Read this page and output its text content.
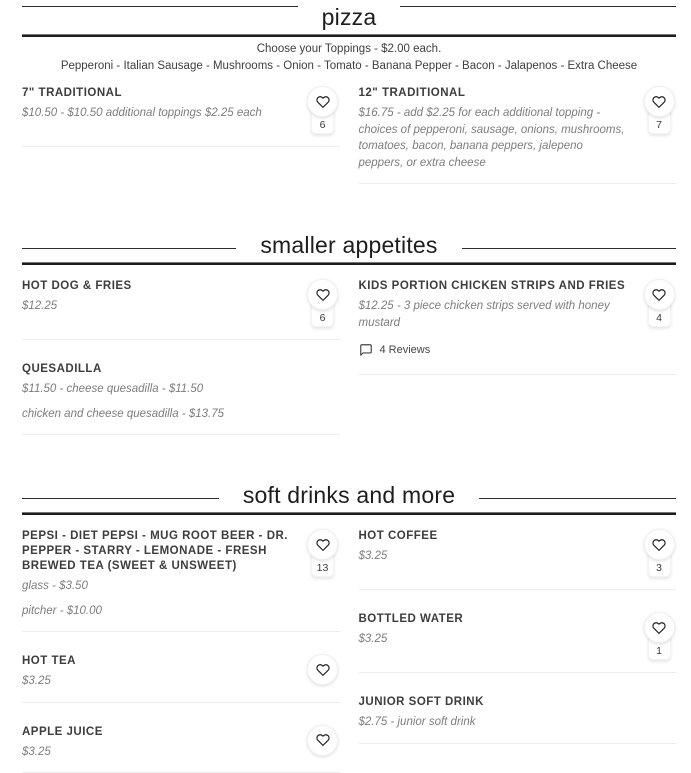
pizza

Choose your Toppings - $2.00 each.

Pepperoni - Italian Sausage - Mushrooms - Onion - Tomato - Banana Pepper - Bacon - Jalapenos - Extra Cheese

7" TRADITIONAL

$10.50 - $10.50 additional toppings $2.25 each

6
12" TRADITIONAL

$16.75 - add $2.25 for each additional topping - choices of pepperoni, sausage, onions, mushrooms, tomatoes, bacon, banana peppers, jalepeno peppers, or extra cheese

7
smaller appetites
HOT DOG & FRIES

$12.25

6
QUESADILLA

$11.50 - cheese quesadilla - $11.50

chicken and cheese quesadilla - $13.75

KIDS PORTION CHICKEN STRIPS AND FRIES

$12.25 - 3 piece chicken strips served with honey mustard

4 Reviews
4
soft drinks and more
PEPSI - DIET PEPSI - MUG ROOT BEER - DR. PEPPER - STARRY - LEMONADE - FRESH BREWED TEA (SWEET & UNSWEET)

glass - $3.50

pitcher - $10.00

13
HOT TEA

$3.25

APPLE JUICE

$3.25

HOT COFFEE

$3.25

3
BOTTLED WATER

$3.25

1
JUNIOR SOFT DRINK

$2.75 - junior soft drink
